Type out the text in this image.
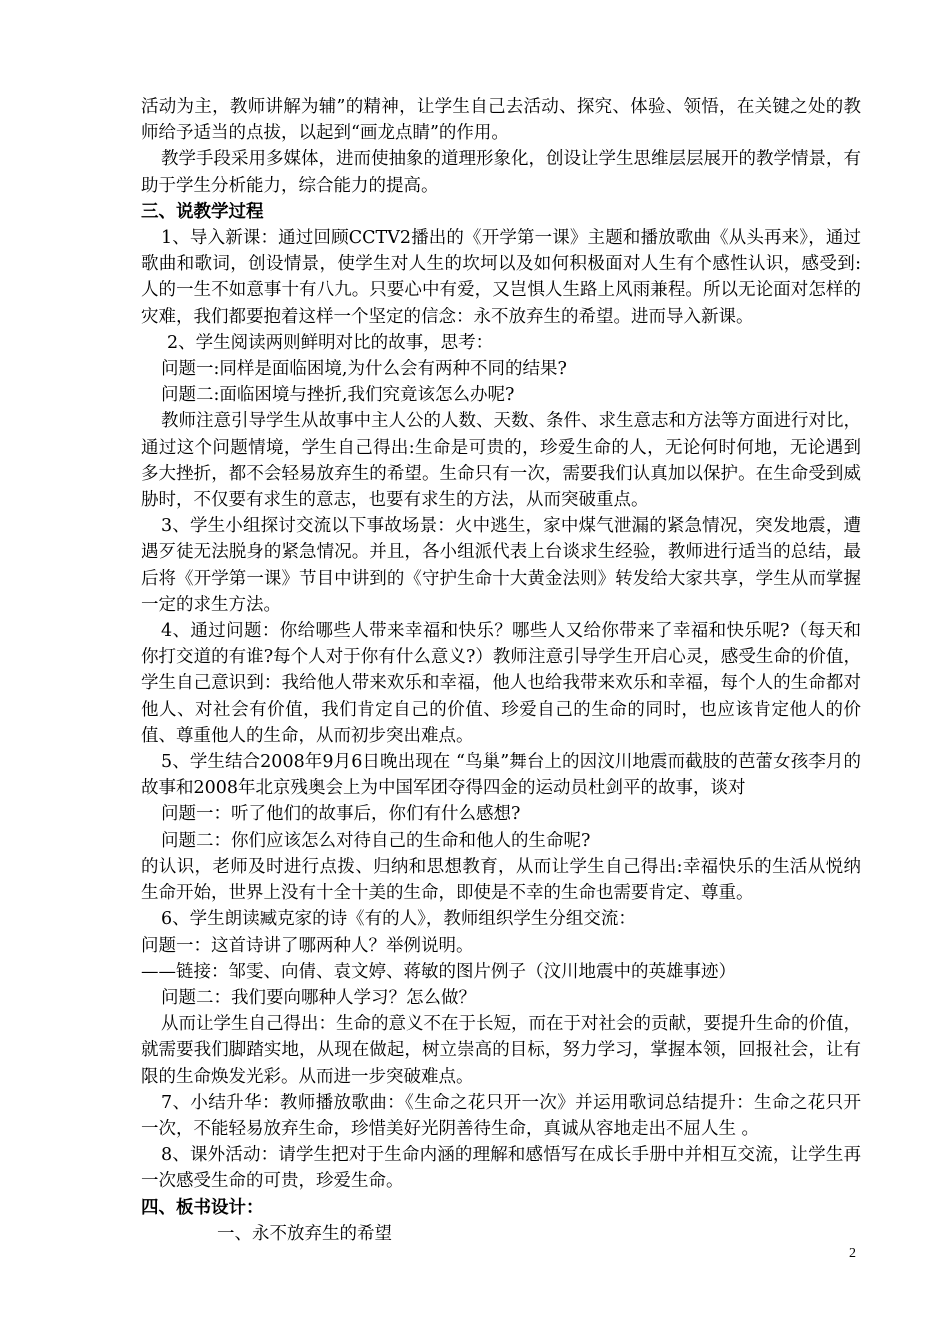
活动为主，教师讲解为辅”的精神，让学生自己去活动、探究、体验、领悟，在关键之处的教师给予适当的点拔，以起到“画龙点睛”的作用。

教学手段采用多媒体，进而使抽象的道理形象化，创设让学生思维层层展开的教学情景，有助于学生分析能力，综合能力的提高。

三、说教学过程

1、导入新课：通过回顾CCTV2播出的《开学第一课》主题和播放歌曲《从头再来》，通过歌曲和歌词，创设情景，使学生对人生的坎坷以及如何积极面对人生有个感性认识，感受到:人的一生不如意事十有八九。只要心中有爱，又岂惧人生路上风雨兼程。所以无论面对怎样的灾难，我们都要抱着这样一个坚定的信念：永不放弃生的希望。进而导入新课。

2、学生阅读两则鲜明对比的故事，思考：

问题一:同样是面临困境,为什么会有两种不同的结果?

问题二:面临困境与挫折,我们究竟该怎么办呢?

教师注意引导学生从故事中主人公的人数、天数、条件、求生意志和方法等方面进行对比，通过这个问题情境，学生自己得出:生命是可贵的，珍爱生命的人，无论何时何地，无论遇到多大挫折，都不会轻易放弃生的希望。生命只有一次，需要我们认真加以保护。在生命受到威胁时，不仅要有求生的意志，也要有求生的方法，从而突破重点。

3、学生小组探讨交流以下事故场景：火中逃生，家中煤气泄漏的紧急情况，突发地震，遭遇歹徒无法脱身的紧急情况。并且，各小组派代表上台谈求生经验，教师进行适当的总结，最后将《开学第一课》节目中讲到的《守护生命十大黄金法则》转发给大家共享，学生从而掌握一定的求生方法。

4、通过问题：你给哪些人带来幸福和快乐？哪些人又给你带来了幸福和快乐呢?（每天和你打交道的有谁?每个人对于你有什么意义?）教师注意引导学生开启心灵，感受生命的价值，学生自己意识到：我给他人带来欢乐和幸福，他人也给我带来欢乐和幸福，每个人的生命都对他人、对社会有价值，我们肯定自己的价值、珍爱自己的生命的同时，也应该肯定他人的价值、尊重他人的生命，从而初步突出难点。

5、学生结合2008年9月6日晚出现在 “鸟巢”舞台上的因汶川地震而截肢的芭蕾女孩李月的故事和2008年北京残奥会上为中国军团夺得四金的运动员杜剑平的故事，谈对

问题一：听了他们的故事后，你们有什么感想?

问题二：你们应该怎么对待自己的生命和他人的生命呢?

的认识，老师及时进行点拨、归纳和思想教育，从而让学生自己得出:幸福快乐的生活从悦纳生命开始，世界上没有十全十美的生命，即使是不幸的生命也需要肯定、尊重。

6、学生朗读臧克家的诗《有的人》，教师组织学生分组交流：

问题一：这首诗讲了哪两种人？举例说明。

——链接：邹雯、向倩、袁文婷、蒋敏的图片例子（汶川地震中的英雄事迹）

问题二：我们要向哪种人学习？怎么做？

从而让学生自己得出：生命的意义不在于长短，而在于对社会的贡献，要提升生命的价值，就需要我们脚踏实地，从现在做起，树立崇高的目标，努力学习，掌握本领，回报社会，让有限的生命焕发光彩。从而进一步突破难点。

7、小结升华：教师播放歌曲：《生命之花只开一次》并运用歌词总结提升：生命之花只开一次，不能轻易放弃生命，珍惜美好光阴善待生命，真诚从容地走出不屈人生 。

8、课外活动：请学生把对于生命内涵的理解和感悟写在成长手册中并相互交流，让学生再一次感受生命的可贵，珍爱生命。

四、板书设计：

一、永不放弃生的希望

2
